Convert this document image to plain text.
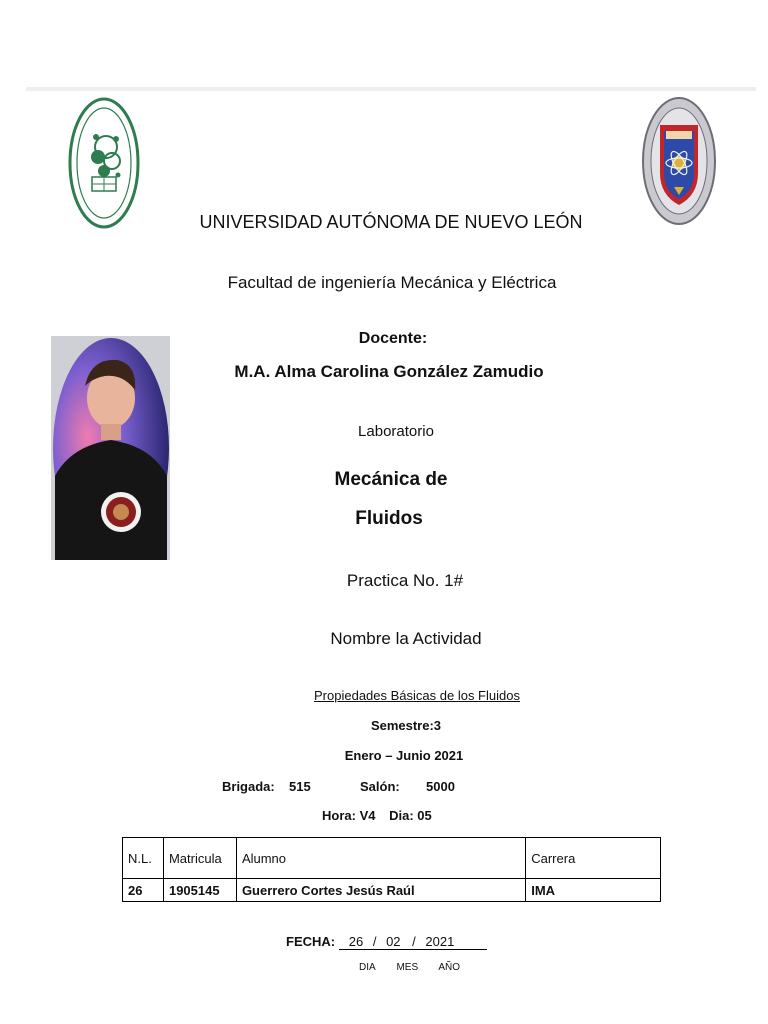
UNIVERSIDAD AUTÓNOMA DE NUEVO LEÓN
Facultad de ingeniería Mecánica y Eléctrica
Docente:
M.A. Alma Carolina González Zamudio
Laboratorio
Mecánica de
Fluidos
Practica No. 1#
Nombre la Actividad
Propiedades Básicas de los Fluidos
Semestre:3
Enero – Junio 2021
Brigada: 515	Salón: 5000
Hora: V4 Dia: 05
N.L.	Matricula	Alumno	Carrera
26	1905145	Guerrero Cortes Jesús Raúl	IMA
FECHA: 26 / 02 / 2021
DIA MES AÑO
